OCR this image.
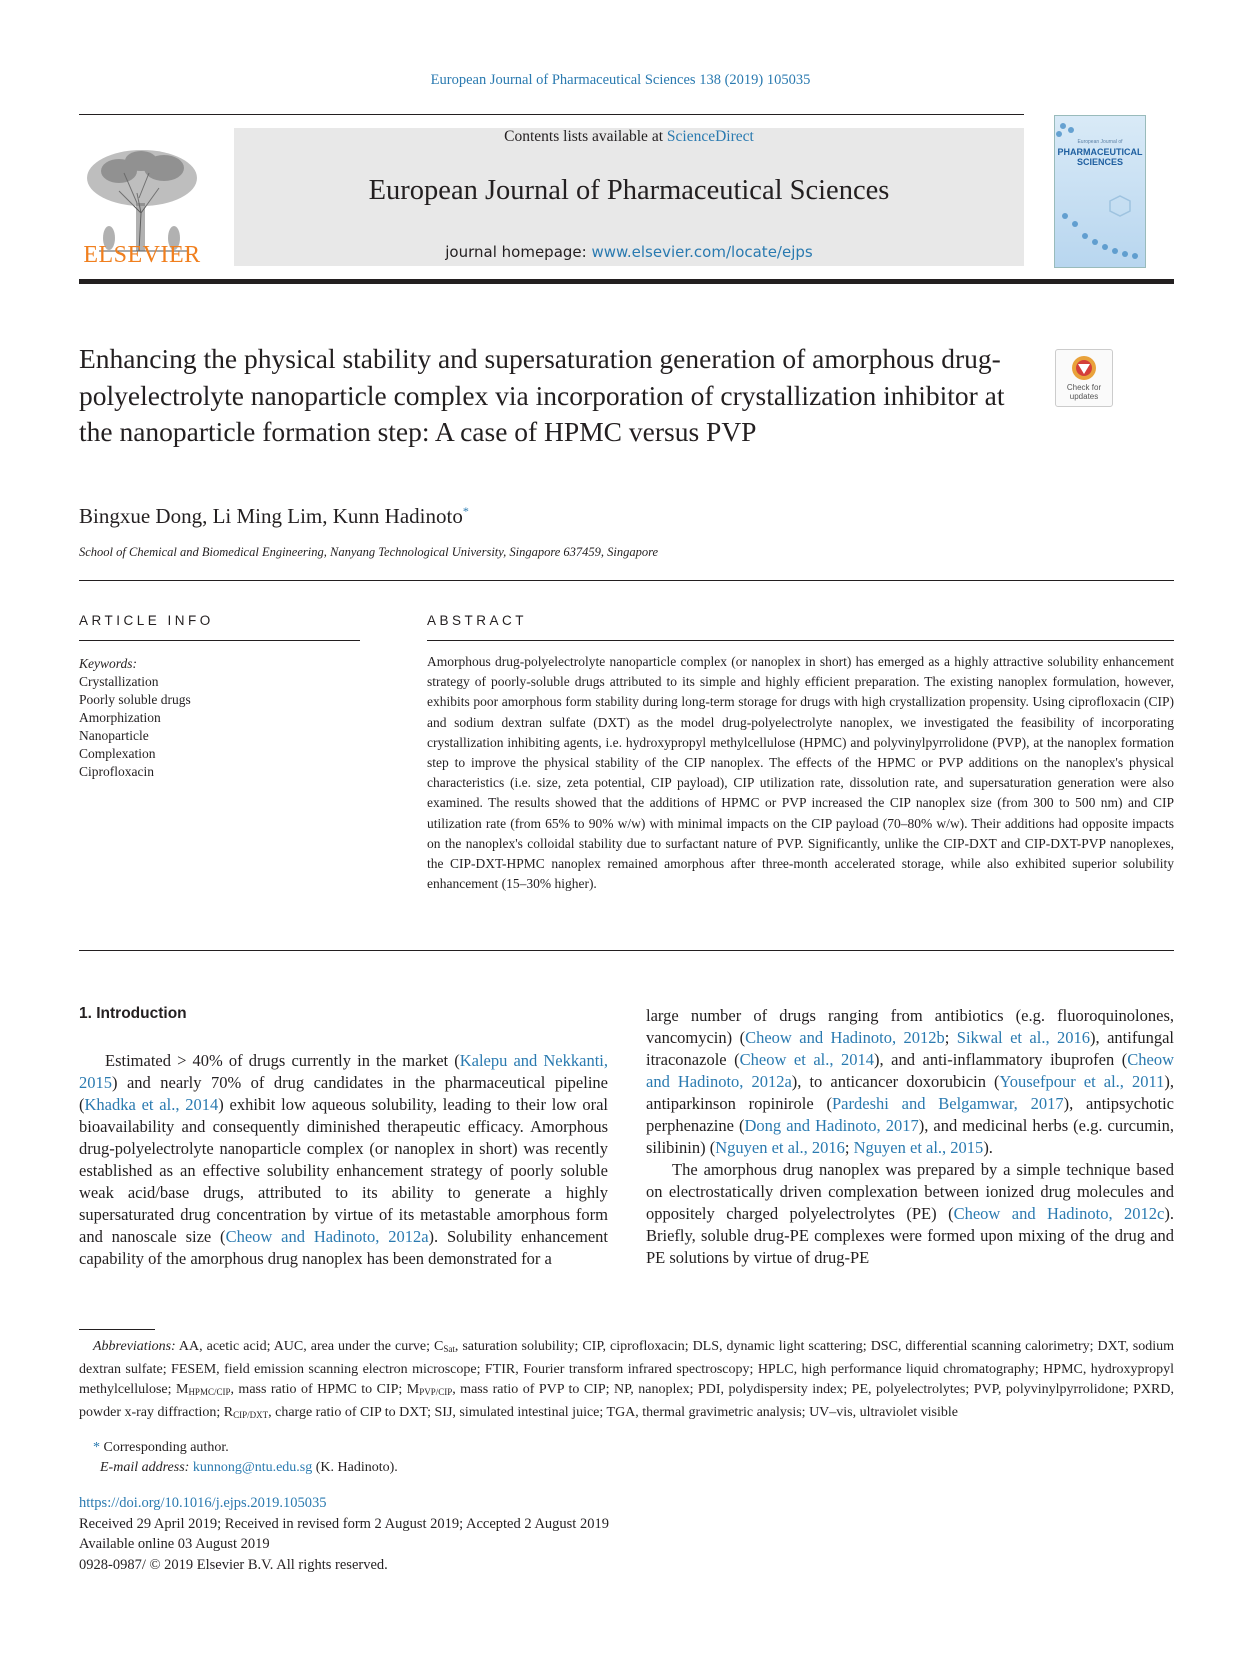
European Journal of Pharmaceutical Sciences 138 (2019) 105035
ELSEVIER
Contents lists available at ScienceDirect
European Journal of Pharmaceutical Sciences
journal homepage: www.elsevier.com/locate/ejps
European Journal of
PHARMACEUTICAL
SCIENCES
Enhancing the physical stability and supersaturation generation of amorphous drug-polyelectrolyte nanoparticle complex via incorporation of crystallization inhibitor at the nanoparticle formation step: A case of HPMC versus PVP
Check for
updates
Bingxue Dong, Li Ming Lim, Kunn Hadinoto*
School of Chemical and Biomedical Engineering, Nanyang Technological University, Singapore 637459, Singapore
ARTICLE INFO
Keywords:
Crystallization
Poorly soluble drugs
Amorphization
Nanoparticle
Complexation
Ciprofloxacin
ABSTRACT
Amorphous drug-polyelectrolyte nanoparticle complex (or nanoplex in short) has emerged as a highly attractive solubility enhancement strategy of poorly-soluble drugs attributed to its simple and highly efficient preparation. The existing nanoplex formulation, however, exhibits poor amorphous form stability during long-term storage for drugs with high crystallization propensity. Using ciprofloxacin (CIP) and sodium dextran sulfate (DXT) as the model drug-polyelectrolyte nanoplex, we investigated the feasibility of incorporating crystallization inhibiting agents, i.e. hydroxypropyl methylcellulose (HPMC) and polyvinylpyrrolidone (PVP), at the nanoplex formation step to improve the physical stability of the CIP nanoplex. The effects of the HPMC or PVP additions on the nanoplex's physical characteristics (i.e. size, zeta potential, CIP payload), CIP utilization rate, dissolution rate, and supersaturation generation were also examined. The results showed that the additions of HPMC or PVP increased the CIP nanoplex size (from 300 to 500 nm) and CIP utilization rate (from 65% to 90% w/w) with minimal impacts on the CIP payload (70–80% w/w). Their additions had opposite impacts on the nanoplex's colloidal stability due to surfactant nature of PVP. Significantly, unlike the CIP-DXT and CIP-DXT-PVP nanoplexes, the CIP-DXT-HPMC nanoplex remained amorphous after three-month accelerated storage, while also exhibited superior solubility enhancement (15–30% higher).
1. Introduction
Estimated > 40% of drugs currently in the market (Kalepu and Nekkanti, 2015) and nearly 70% of drug candidates in the pharmaceutical pipeline (Khadka et al., 2014) exhibit low aqueous solubility, leading to their low oral bioavailability and consequently diminished therapeutic efficacy. Amorphous drug-polyelectrolyte nanoparticle complex (or nanoplex in short) was recently established as an effective solubility enhancement strategy of poorly soluble weak acid/base drugs, attributed to its ability to generate a highly supersaturated drug concentration by virtue of its metastable amorphous form and nanoscale size (Cheow and Hadinoto, 2012a). Solubility enhancement capability of the amorphous drug nanoplex has been demonstrated for a
large number of drugs ranging from antibiotics (e.g. fluoroquinolones, vancomycin) (Cheow and Hadinoto, 2012b; Sikwal et al., 2016), antifungal itraconazole (Cheow et al., 2014), and anti-inflammatory ibuprofen (Cheow and Hadinoto, 2012a), to anticancer doxorubicin (Yousefpour et al., 2011), antiparkinson ropinirole (Pardeshi and Belgamwar, 2017), antipsychotic perphenazine (Dong and Hadinoto, 2017), and medicinal herbs (e.g. curcumin, silibinin) (Nguyen et al., 2016; Nguyen et al., 2015).
The amorphous drug nanoplex was prepared by a simple technique based on electrostatically driven complexation between ionized drug molecules and oppositely charged polyelectrolytes (PE) (Cheow and Hadinoto, 2012c). Briefly, soluble drug-PE complexes were formed upon mixing of the drug and PE solutions by virtue of drug-PE
Abbreviations: AA, acetic acid; AUC, area under the curve; $C_{Sat}$, saturation solubility; CIP, ciprofloxacin; DLS, dynamic light scattering; DSC, differential scanning calorimetry; DXT, sodium dextran sulfate; FESEM, field emission scanning electron microscope; FTIR, Fourier transform infrared spectroscopy; HPLC, high performance liquid chromatography; HPMC, hydroxypropyl methylcellulose; $M_{HPMC/CIP}$, mass ratio of HPMC to CIP; $M_{PVP/CIP}$, mass ratio of PVP to CIP; NP, nanoplex; PDI, polydispersity index; PE, polyelectrolytes; PVP, polyvinylpyrrolidone; PXRD, powder x-ray diffraction; $R_{CIP/DXT}$, charge ratio of CIP to DXT; SIJ, simulated intestinal juice; TGA, thermal gravimetric analysis; UV–vis, ultraviolet visible
* Corresponding author.
E-mail address: kunnong@ntu.edu.sg (K. Hadinoto).
https://doi.org/10.1016/j.ejps.2019.105035
Received 29 April 2019; Received in revised form 2 August 2019; Accepted 2 August 2019
Available online 03 August 2019
0928-0987/ © 2019 Elsevier B.V. All rights reserved.
